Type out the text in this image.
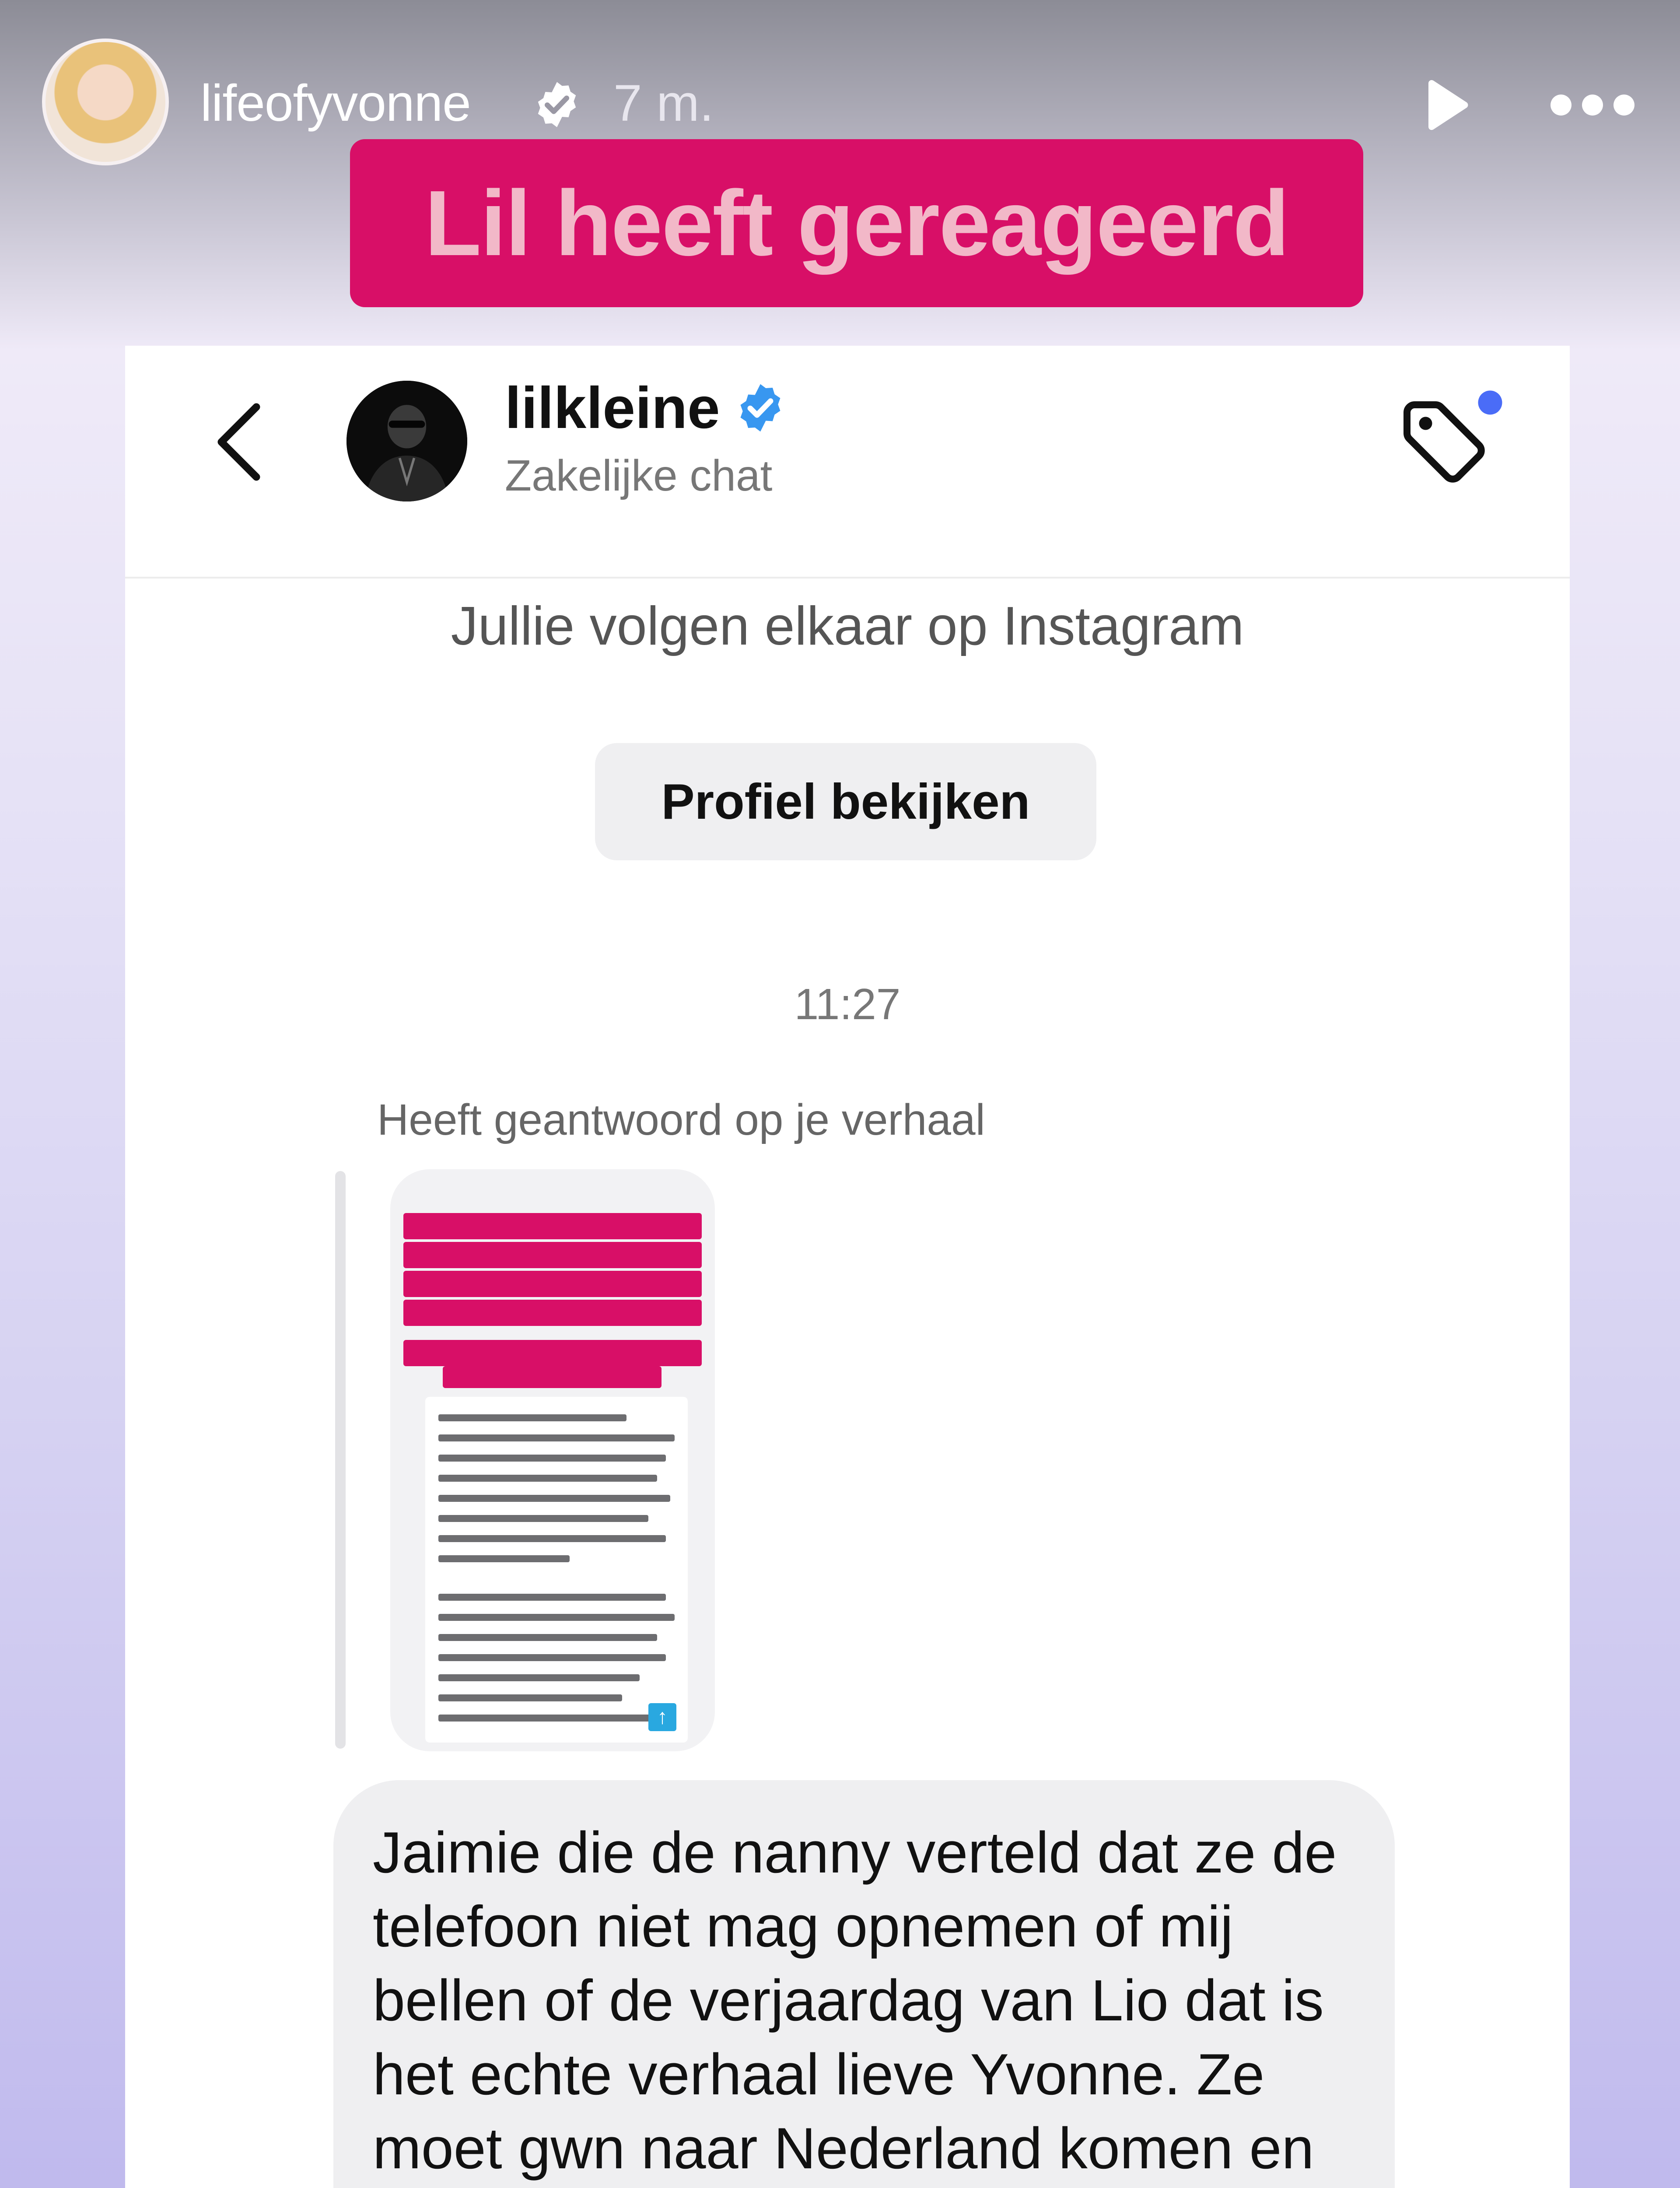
lifeofyvonne	7 m.
Lil heeft gereageerd
lilkleine
Zakelijke chat
Jullie volgen elkaar op Instagram
Profiel bekijken
11:27
Heeft geantwoord op je verhaal
↑
Jaimie die de nanny verteld dat ze de telefoon niet mag opnemen of mij bellen of de verjaardag van Lio dat is het echte verhaal lieve Yvonne. Ze moet gwn naar Nederland komen en
